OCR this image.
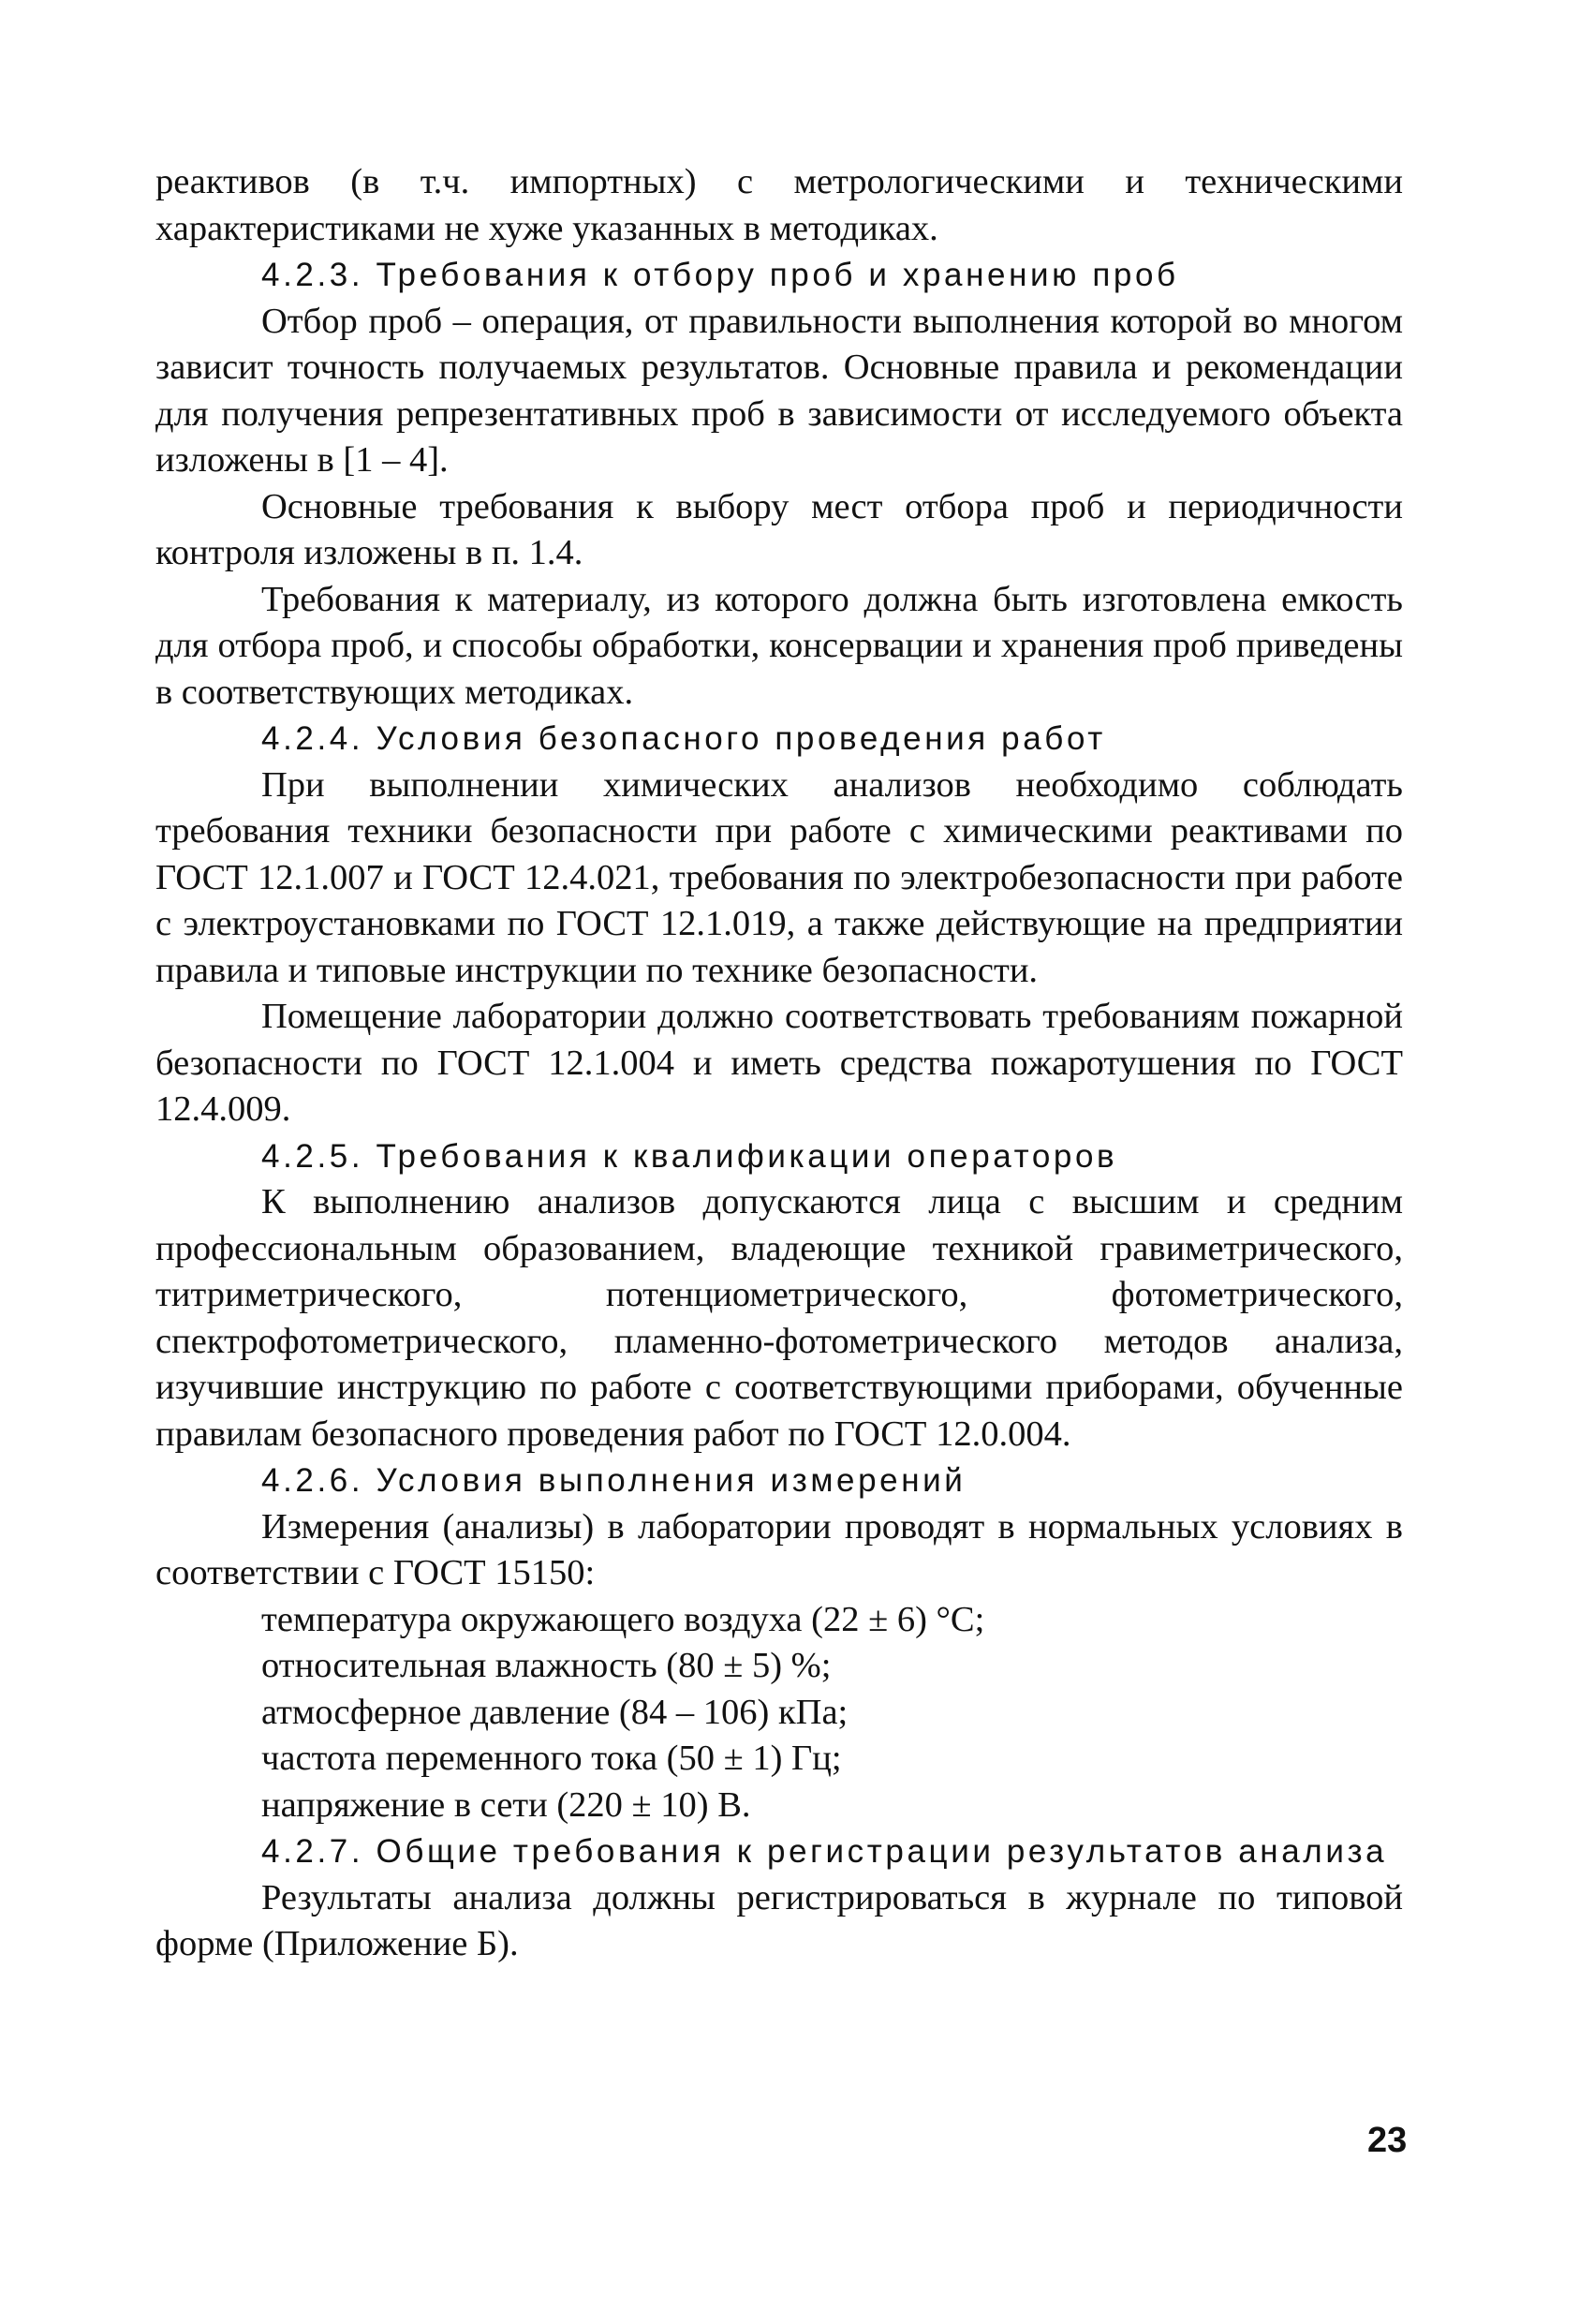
реактивов (в т.ч. импортных) с метрологическими и техническими характеристиками не хуже указанных в методиках.

4.2.3. Требования к отбору проб и хранению проб

Отбор проб – операция, от правильности выполнения которой во многом зависит точность получаемых результатов. Основные правила и рекомендации для получения репрезентативных проб в зависимости от исследуемого объекта изложены в [1 – 4].

Основные требования к выбору мест отбора проб и периодичности контроля изложены в п. 1.4.

Требования к материалу, из которого должна быть изготовлена емкость для отбора проб, и способы обработки, консервации и хранения проб приведены в соответствующих методиках.

4.2.4. Условия безопасного проведения работ

При выполнении химических анализов необходимо соблюдать требования техники безопасности при работе с химическими реактивами по ГОСТ 12.1.007 и ГОСТ 12.4.021, требования по электробезопасности при работе с электроустановками по ГОСТ 12.1.019, а также действующие на предприятии правила и типовые инструкции по технике безопасности.

Помещение лаборатории должно соответствовать требованиям пожарной безопасности по ГОСТ 12.1.004 и иметь средства пожаротушения по ГОСТ 12.4.009.

4.2.5. Требования к квалификации операторов

К выполнению анализов допускаются лица с высшим и средним профессиональным образованием, владеющие техникой гравиметрического, титриметрического, потенциометрического, фотометрического, спектрофотометрического, пламенно-фотометрического методов анализа, изучившие инструкцию по работе с соответствующими приборами, обученные правилам безопасного проведения работ по ГОСТ 12.0.004.

4.2.6. Условия выполнения измерений

Измерения (анализы) в лаборатории проводят в нормальных условиях в соответствии с ГОСТ 15150:

температура окружающего воздуха (22 ± 6) °С;
относительная влажность (80 ± 5) %;
атмосферное давление (84 – 106) кПа;
частота переменного тока (50 ± 1) Гц;
напряжение в сети (220 ± 10) В.
4.2.7. Общие требования к регистрации результатов анализа

Результаты анализа должны регистрироваться в журнале по типовой форме (Приложение Б).

23
